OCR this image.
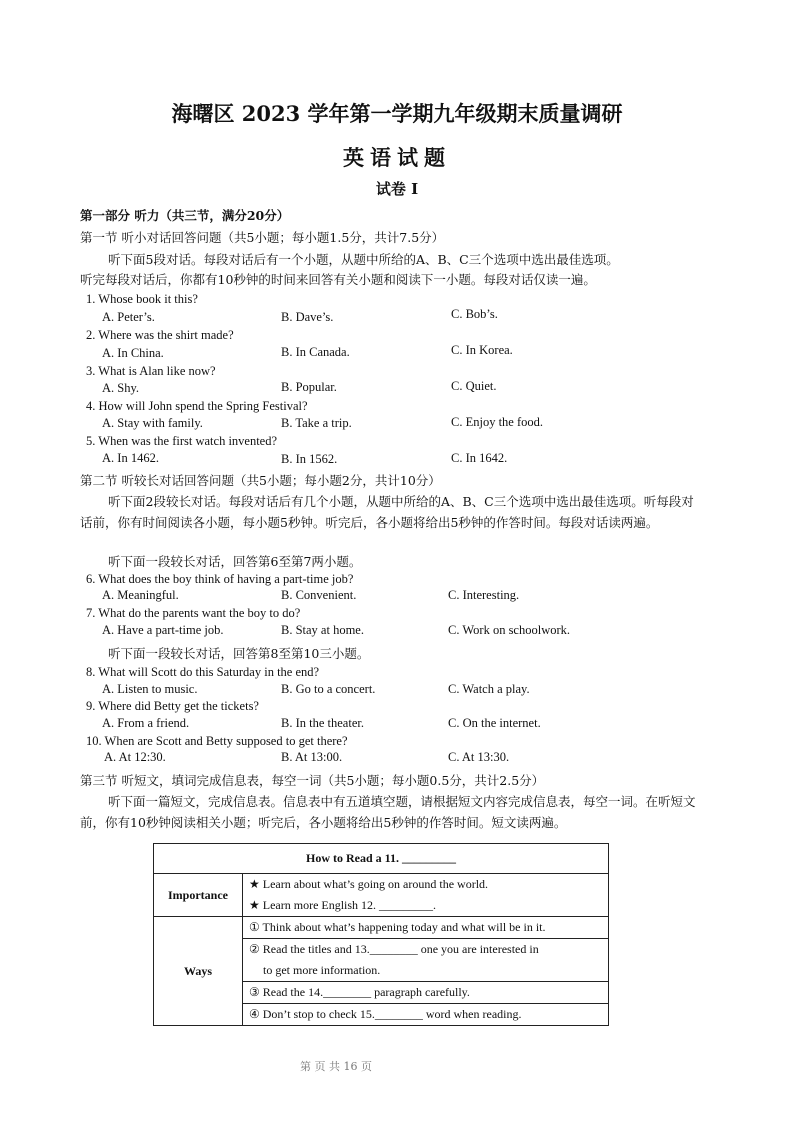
海曙区 2023 学年第一学期九年级期末质量调研
英语试题
试卷 I
第一部分 听力（共三节，满分20分）
第一节 听小对话回答问题（共5小题；每小题1.5分，共计7.5分）
听下面5段对话。每段对话后有一个小题，从题中所给的A、B、C三个选项中选出最佳选项。
听完每段对话后，你都有10秒钟的时间来回答有关小题和阅读下一小题。每段对话仅读一遍。
1. Whose book it this?
A. Peter’s.	B. Dave’s.	C. Bob’s.
2. Where was the shirt made?
A. In China.	B. In Canada.	C. In Korea.
3. What is Alan like now?
A. Shy.	B. Popular.	C. Quiet.
4. How will John spend the Spring Festival?
A. Stay with family.	B. Take a trip.	C. Enjoy the food.
5. When was the first watch invented?
A. In 1462.	B. In 1562.	C. In 1642.
第二节 听较长对话回答问题（共5小题；每小题2分，共计10分）
听下面2段较长对话。每段对话后有几个小题，从题中所给的A、B、C三个选项中选出最佳选项。听每段对话前，你有时间阅读各小题，每小题5秒钟。听完后，各小题将给出5秒钟的作答时间。每段对话读两遍。
听下面一段较长对话，回答第6至第7两小题。
6. What does the boy think of having a part-time job?
A. Meaningful.	B. Convenient.	C. Interesting.
7. What do the parents want the boy to do?
A. Have a part-time job.	B. Stay at home.	C. Work on schoolwork.
听下面一段较长对话，回答第8至第10三小题。
8. What will Scott do this Saturday in the end?
A. Listen to music.	B. Go to a concert.	C. Watch a play.
9. Where did Betty get the tickets?
A. From a friend.	B. In the theater.	C. On the internet.
10. When are Scott and Betty supposed to get there?
A. At 12:30.	B. At 13:00.	C. At 13:30.
第三节 听短文，填词完成信息表，每空一词（共5小题；每小题0.5分，共计2.5分）
听下面一篇短文，完成信息表。信息表中有五道填空题，请根据短文内容完成信息表，每空一词。在听短文前，你有10秒钟阅读相关小题；听完后，各小题将给出5秒钟的作答时间。短文读两遍。
How to Read a 11. _________	
Importance	★ Learn about what’s going on around the world.
★ Learn more English 12. _________.

Ways	① Think about what’s happening today and what will be in it.

	② Read the titles and 13.________ one you are interested in
to get more information.

	③ Read the 14.________ paragraph carefully.

	④ Don’t stop to check 15.________ word when reading.
第 页 共 16 页
